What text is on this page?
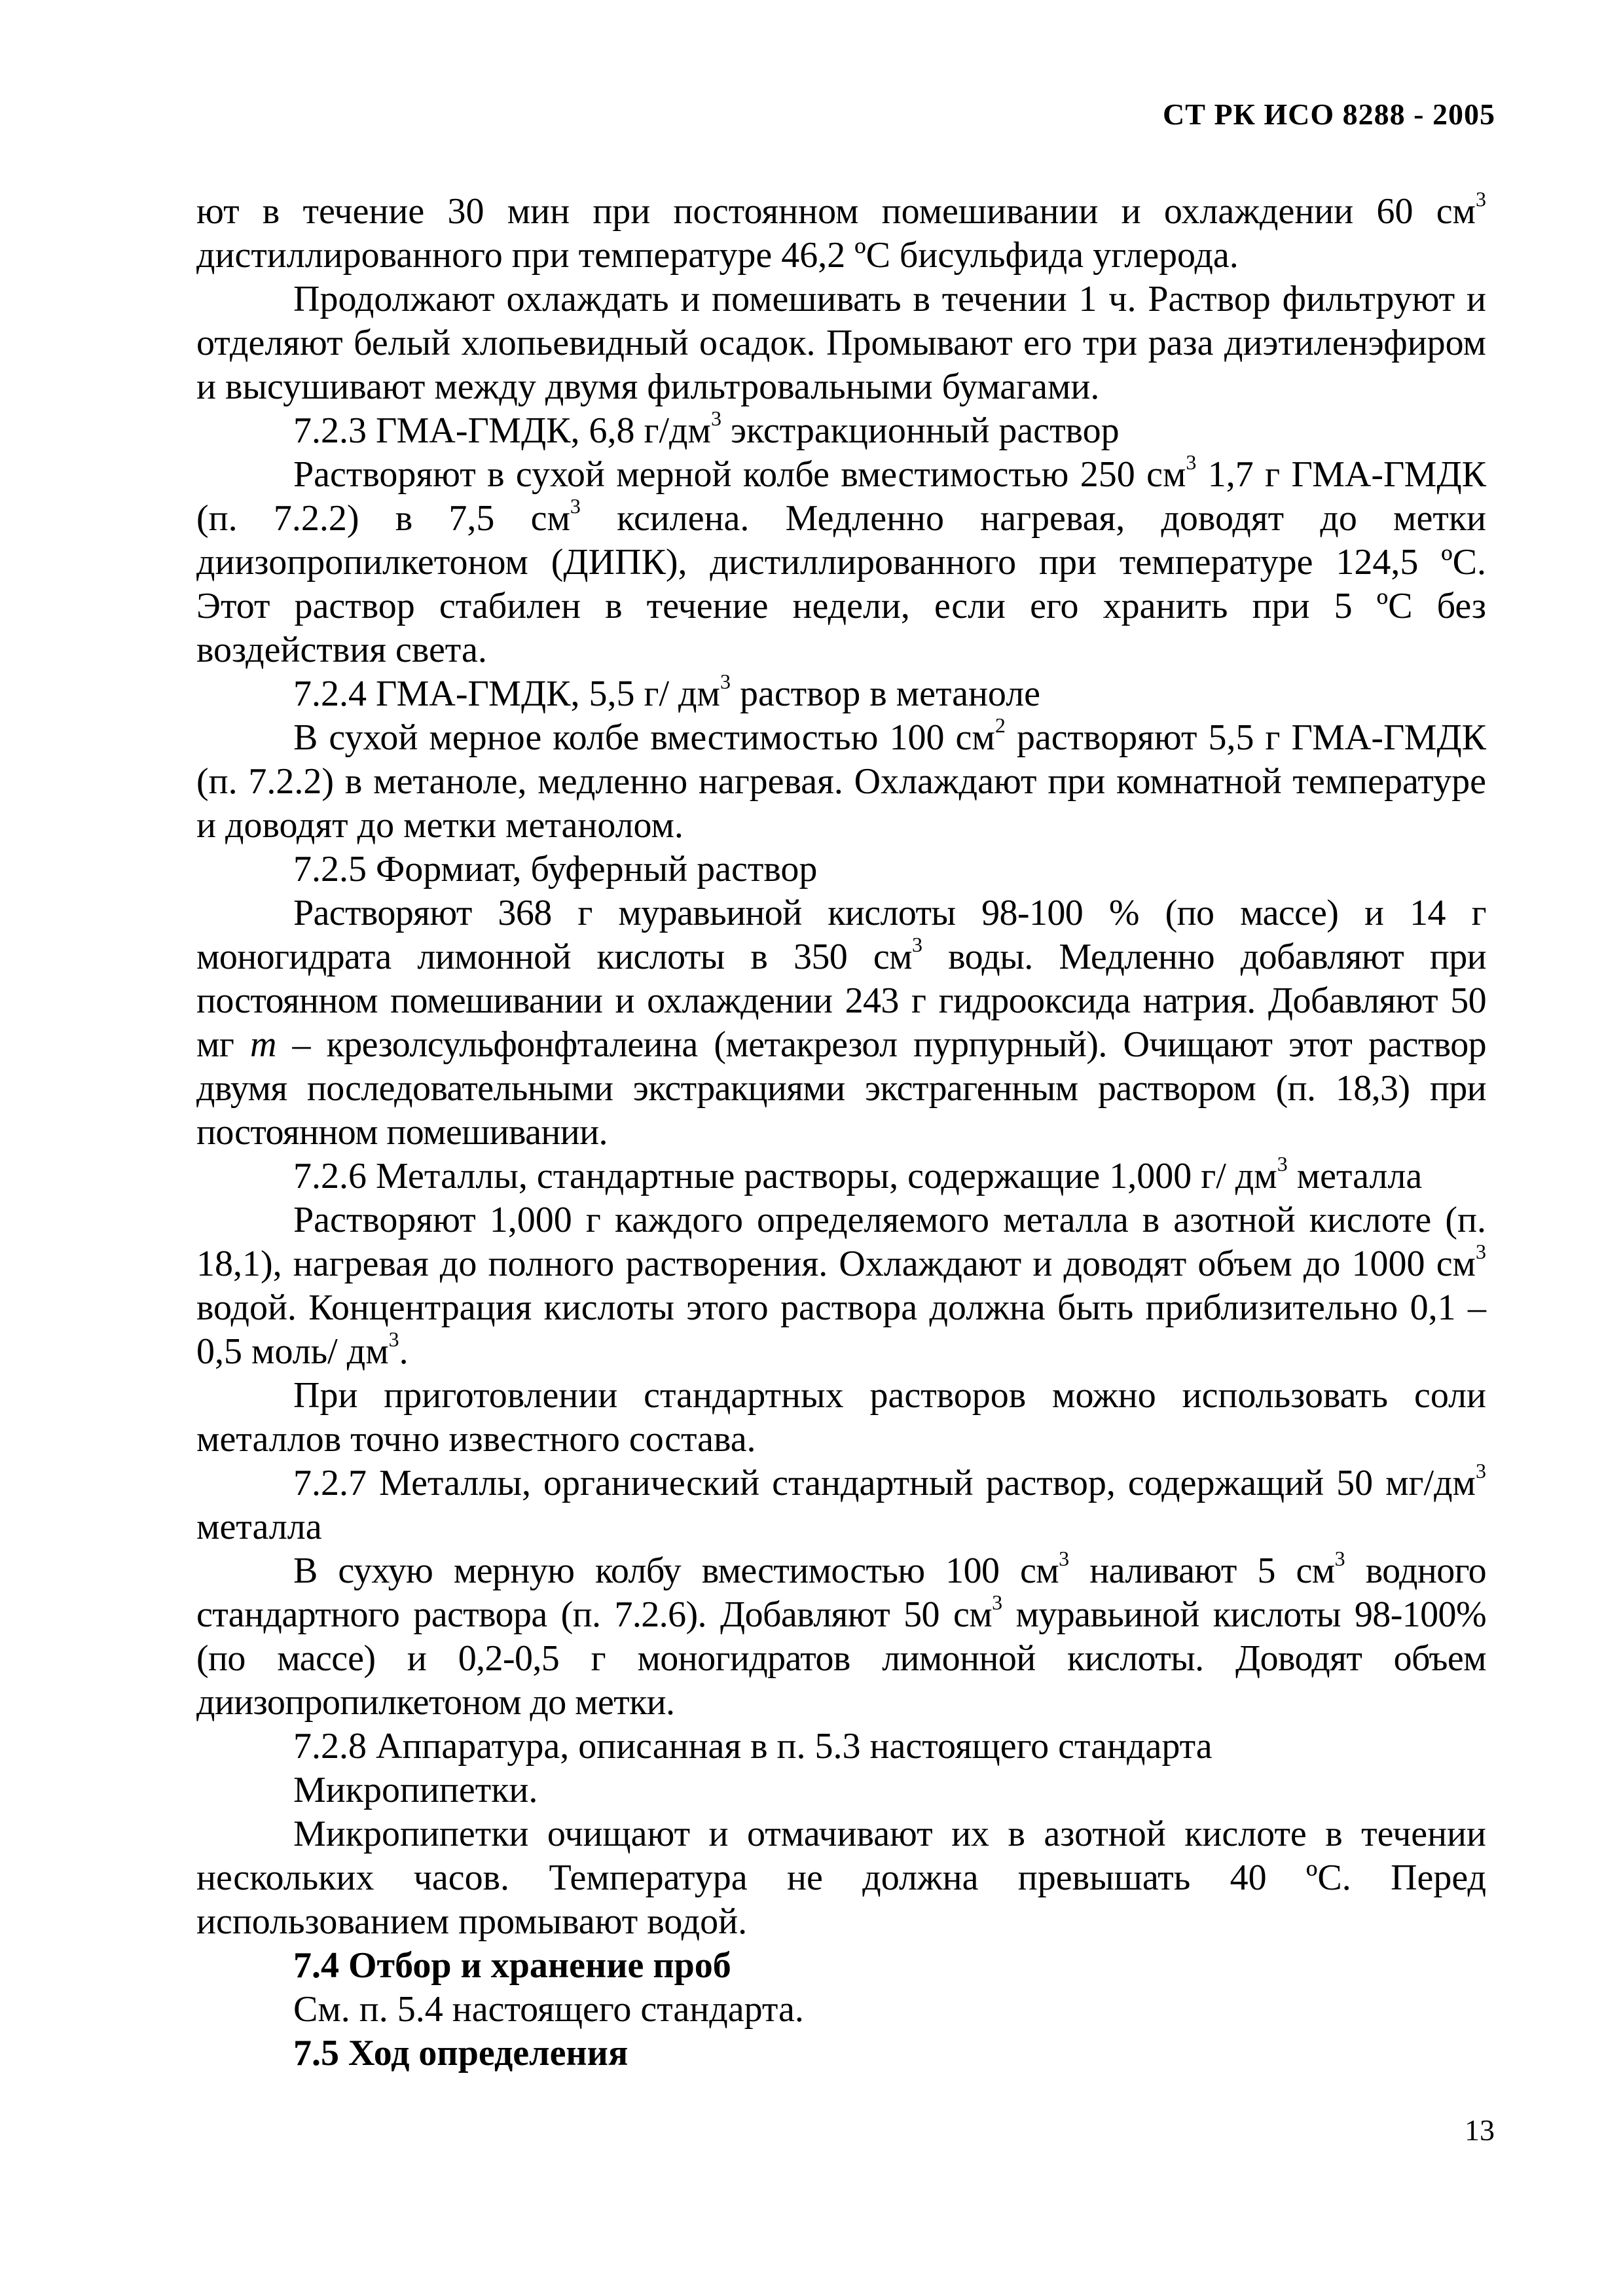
СТ РК ИСО 8288 - 2005

ют в течение 30 мин при постоянном помешивании и охлаждении 60 $см^3$ дистиллированного при температуре 46,2 ºС бисульфида углерода.

Продолжают охлаждать и помешивать в течении 1 ч. Раствор фильтруют и отделяют белый хлопьевидный осадок. Промывают его три раза диэтиленэфиром и высушивают между двумя фильтровальными бумагами.

7.2.3 ГМА-ГМДК, 6,8 $г/дм^3$ экстракционный раствор

Растворяют в сухой мерной колбе вместимостью 250 $см^3$ 1,7 г ГМА-ГМДК (п. 7.2.2) в 7,5 $см^3$ ксилена. Медленно нагревая, доводят до метки диизопропилкетоном (ДИПК), дистиллированного при температуре 124,5 ºС. Этот раствор стабилен в течение недели, если его хранить при 5 ºС без воздействия света.

7.2.4 ГМА-ГМДК, 5,5 г/ $дм^3$ раствор в метаноле

В сухой мерное колбе вместимостью 100 $см^2$ растворяют 5,5 г ГМА-ГМДК (п. 7.2.2) в метаноле, медленно нагревая. Охлаждают при комнатной температуре и доводят до метки метанолом.

7.2.5 Формиат, буферный раствор

Растворяют 368 г муравьиной кислоты 98-100 % (по массе) и 14 г моногидрата лимонной кислоты в 350 $см^3$ воды. Медленно добавляют при постоянном помешивании и охлаждении 243 г гидрооксида натрия. Добавляют 50 мг m – крезолсульфонфталеина (метакрезол пурпурный). Очищают этот раствор двумя последовательными экстракциями экстрагенным раствором (п. 18,3) при постоянном помешивании.

7.2.6 Металлы, стандартные растворы, содержащие 1,000 г/ $дм^3$ металла

Растворяют 1,000 г каждого определяемого металла в азотной кислоте (п. 18,1), нагревая до полного растворения. Охлаждают и доводят объем до 1000 $см^3$ водой. Концентрация кислоты этого раствора должна быть приблизительно 0,1 – 0,5 моль/ $дм^3$.

При приготовлении стандартных растворов можно использовать соли металлов точно известного состава.

7.2.7 Металлы, органический стандартный раствор, содержащий 50 $мг/дм^3$ металла

В сухую мерную колбу вместимостью 100 $см^3$ наливают 5 $см^3$ водного стандартного раствора (п. 7.2.6). Добавляют 50 $см^3$ муравьиной кислоты 98-100% (по массе) и 0,2-0,5 г моногидратов лимонной кислоты. Доводят объем диизопропилкетоном до метки.

7.2.8 Аппаратура, описанная в п. 5.3 настоящего стандарта

Микропипетки.

Микропипетки очищают и отмачивают их в азотной кислоте в течении нескольких часов. Температура не должна превышать 40 ºС. Перед использованием промывают водой.

7.4 Отбор и хранение проб

См. п. 5.4 настоящего стандарта.

7.5 Ход определения

13
